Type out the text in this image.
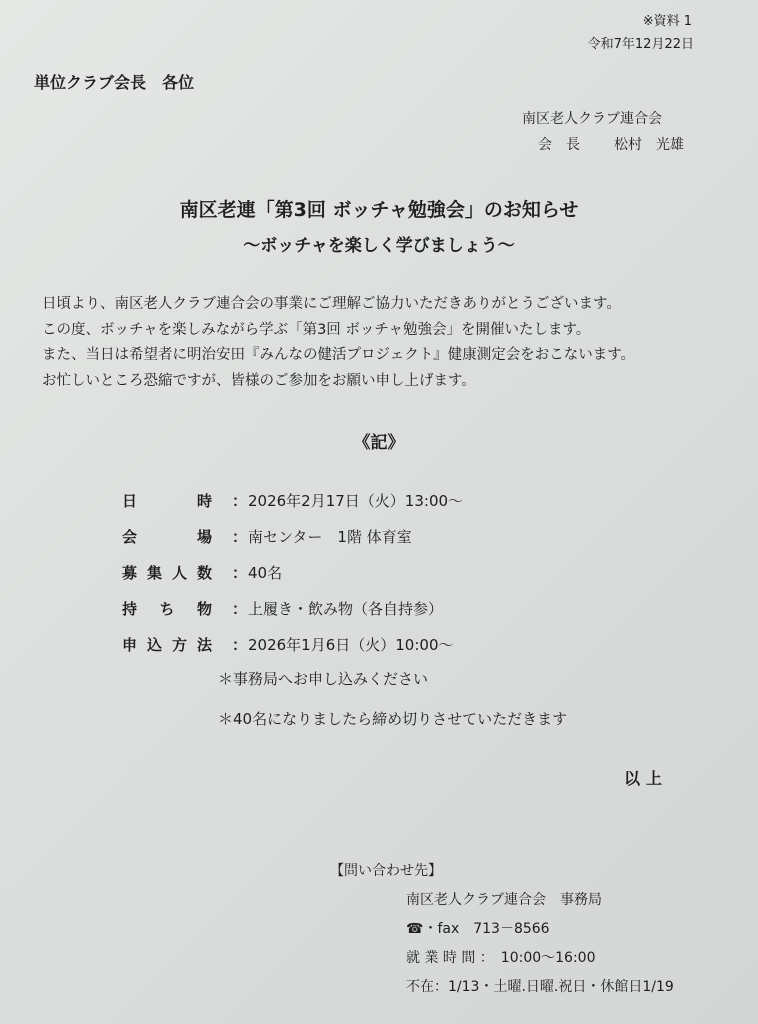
※資料 1
令和7年12月22日
単位クラブ会長　各位
南区老人クラブ連合会
会　長 松村　光雄
南区老連「第3回 ボッチャ勉強会」のお知らせ
～ボッチャを楽しく学びましょう～
日頃より、南区老人クラブ連合会の事業にご理解ご協力いただきありがとうございます。
この度、ボッチャを楽しみながら学ぶ「第3回 ボッチャ勉強会」を開催いたします。
また、当日は希望者に明治安田『みんなの健活プロジェクト』健康測定会をおこないます。
お忙しいところ恐縮ですが、皆様のご参加をお願い申し上げます。
《記》
日	時 ： 2026年2月17日（火）13:00～
会	場 ： 南センター　1階 体育室
募 集 人 数 ： 40名
持 ち 物 ： 上履き・飲み物（各自持参）
申 込 方 法 ： 2026年1月6日（火）10:00～
＊事務局へお申し込みください
＊40名になりましたら締め切りさせていただきます
以上
【問い合わせ先】
南区老人クラブ連合会　事務局
☎・fax　713－8566
就 業 時 間 ：　10:00～16:00
不在：1/13・土曜.日曜.祝日・休館日1/19
